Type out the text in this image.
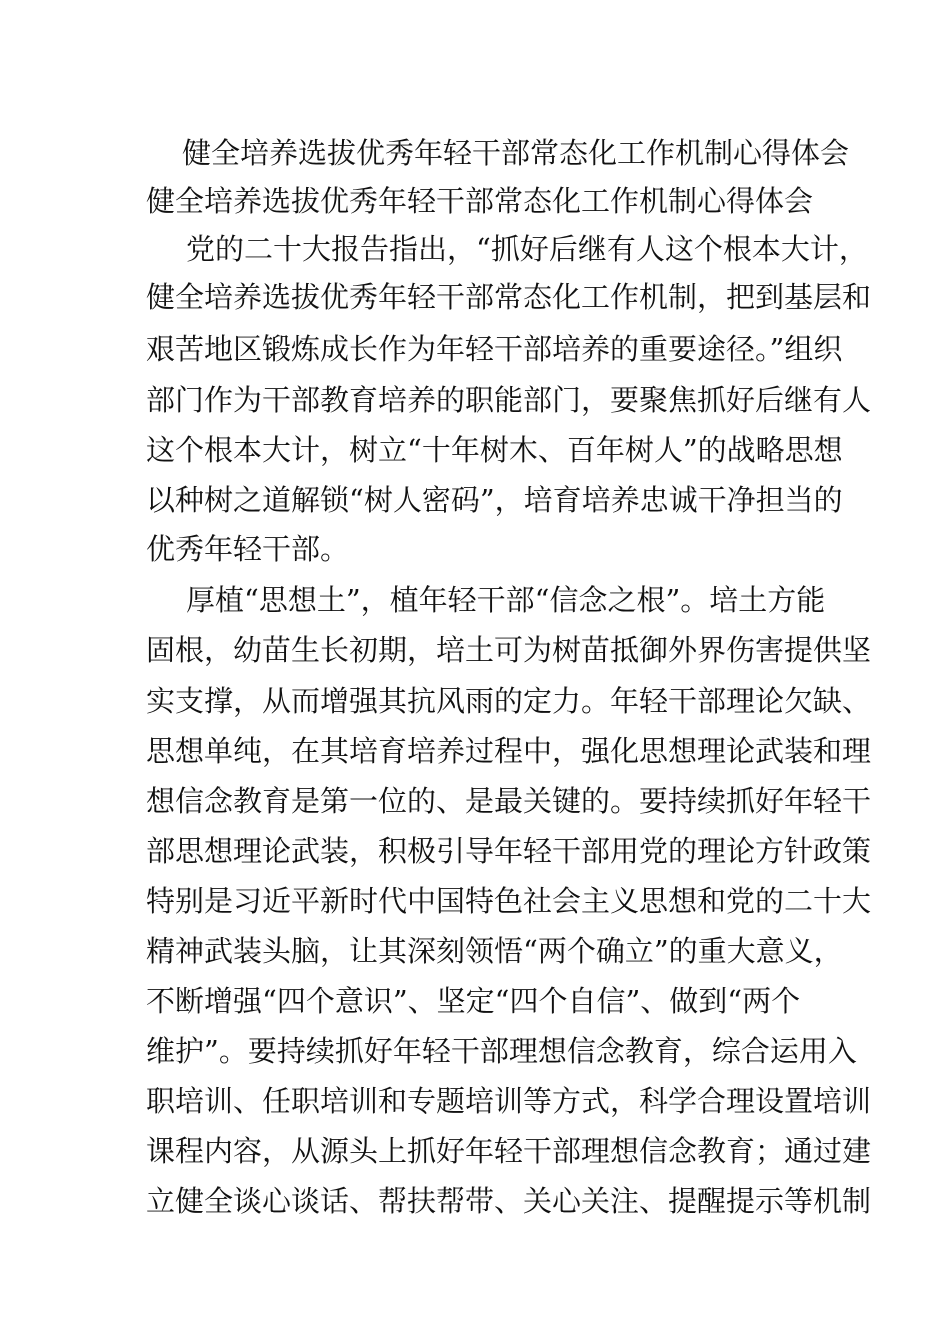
健全培养选拔优秀年轻干部常态化工作机制心得体会
健全培养选拔优秀年轻干部常态化工作机制心得体会
党的二十大报告指出，“抓好后继有人这个根本大计，
健全培养选拔优秀年轻干部常态化工作机制，把到基层和
艰苦地区锻炼成长作为年轻干部培养的重要途径。”组织
部门作为干部教育培养的职能部门，要聚焦抓好后继有人
这个根本大计，树立“十年树木、百年树人”的战略思想
以种树之道解锁“树人密码”，培育培养忠诚干净担当的
优秀年轻干部。
厚植“思想土”，植年轻干部“信念之根”。培土方能
固根，幼苗生长初期，培土可为树苗抵御外界伤害提供坚
实支撑，从而增强其抗风雨的定力。年轻干部理论欠缺、
思想单纯，在其培育培养过程中，强化思想理论武装和理
想信念教育是第一位的、是最关键的。要持续抓好年轻干
部思想理论武装，积极引导年轻干部用党的理论方针政策
特别是习近平新时代中国特色社会主义思想和党的二十大
精神武装头脑，让其深刻领悟“两个确立”的重大意义，
不断增强“四个意识”、坚定“四个自信”、做到“两个
维护”。要持续抓好年轻干部理想信念教育，综合运用入
职培训、任职培训和专题培训等方式，科学合理设置培训
课程内容，从源头上抓好年轻干部理想信念教育；通过建
立健全谈心谈话、帮扶帮带、关心关注、提醒提示等机制
